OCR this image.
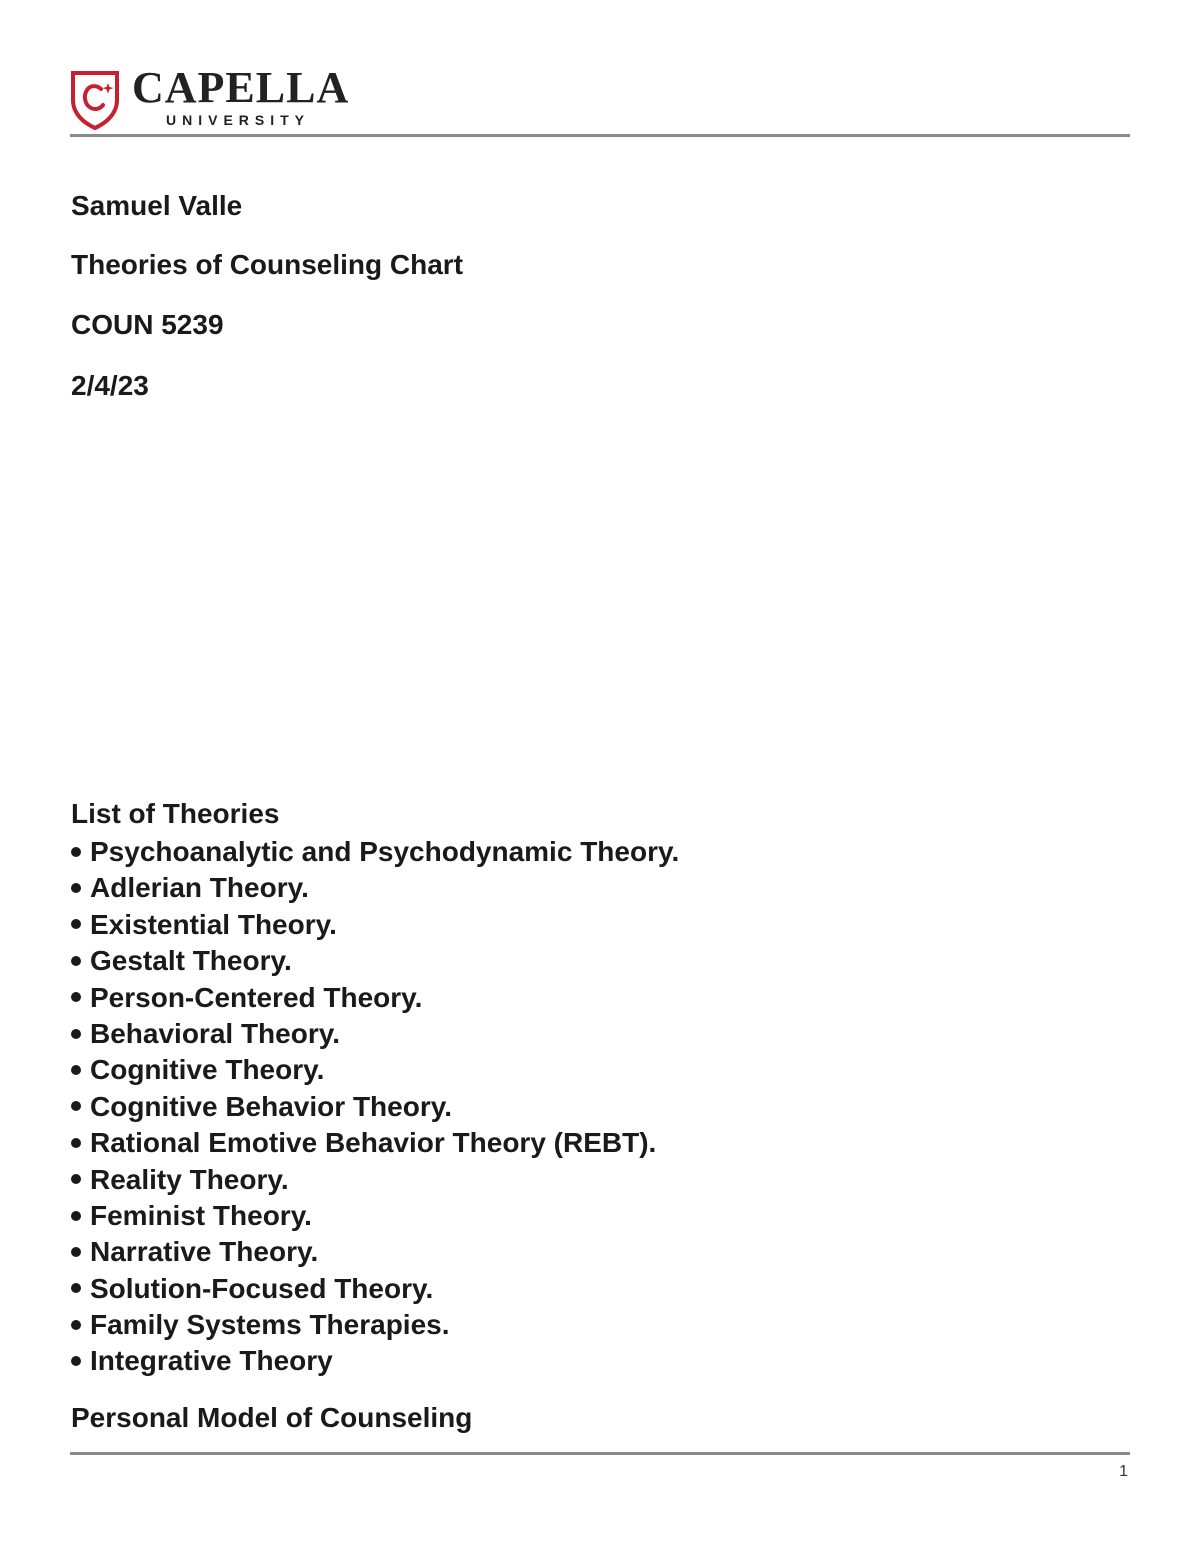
CAPELLA
UNIVERSITY
Samuel Valle
Theories of Counseling Chart
COUN 5239
2/4/23
List of Theories
Psychoanalytic and Psychodynamic Theory.
Adlerian Theory.
Existential Theory.
Gestalt Theory.
Person-Centered Theory.
Behavioral Theory.
Cognitive Theory.
Cognitive Behavior Theory.
Rational Emotive Behavior Theory (REBT).
Reality Theory.
Feminist Theory.
Narrative Theory.
Solution-Focused Theory.
Family Systems Therapies.
Integrative Theory
Personal Model of Counseling
1
